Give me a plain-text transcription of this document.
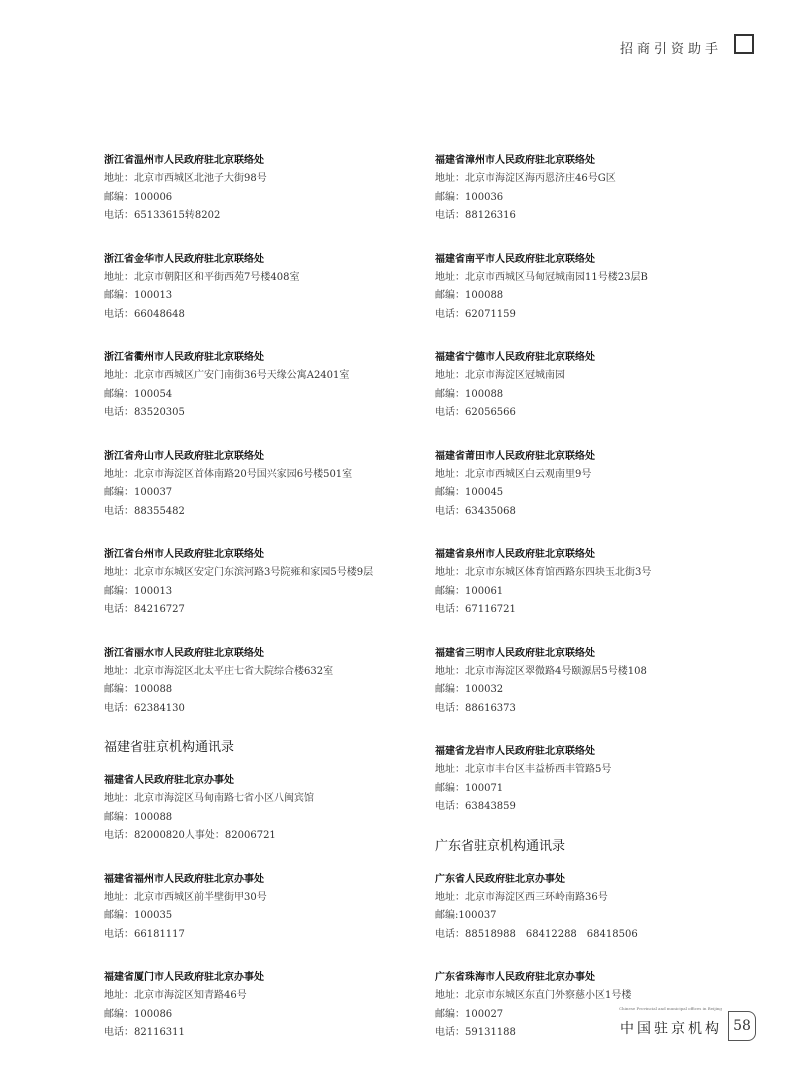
招商引资助手
浙江省温州市人民政府驻北京联络处
地址：北京市西城区北池子大街98号
邮编：100006
电话：65133615转8202
浙江省金华市人民政府驻北京联络处
地址：北京市朝阳区和平街西苑7号楼408室
邮编：100013
电话：66048648
浙江省衢州市人民政府驻北京联络处
地址：北京市西城区广安门南街36号天缘公寓A2401室
邮编：100054
电话：83520305
浙江省舟山市人民政府驻北京联络处
地址：北京市海淀区首体南路20号国兴家园6号楼501室
邮编：100037
电话：88355482
浙江省台州市人民政府驻北京联络处
地址：北京市东城区安定门东滨河路3号院雍和家园5号楼9层
邮编：100013
电话：84216727
浙江省丽水市人民政府驻北京联络处
地址：北京市海淀区北太平庄七省大院综合楼632室
邮编：100088
电话：62384130
福建省驻京机构通讯录
福建省人民政府驻北京办事处
地址：北京市海淀区马甸南路七省小区八闽宾馆
邮编：100088
电话：82000820人事处：82006721
福建省福州市人民政府驻北京办事处
地址：北京市西城区前半壁街甲30号
邮编：100035
电话：66181117
福建省厦门市人民政府驻北京办事处
地址：北京市海淀区知青路46号
邮编：100086
电话：82116311
福建省漳州市人民政府驻北京联络处
地址：北京市海淀区海丙恩济庄46号G区
邮编：100036
电话：88126316
福建省南平市人民政府驻北京联络处
地址：北京市西城区马甸冠城南园11号楼23层B
邮编：100088
电话：62071159
福建省宁德市人民政府驻北京联络处
地址：北京市海淀区冠城南园
邮编：100088
电话：62056566
福建省莆田市人民政府驻北京联络处
地址：北京市西城区白云观南里9号
邮编：100045
电话：63435068
福建省泉州市人民政府驻北京联络处
地址：北京市东城区体育馆西路东四块玉北街3号
邮编：100061
电话：67116721
福建省三明市人民政府驻北京联络处
地址：北京市海淀区翠微路4号颐源居5号楼108
邮编：100032
电话：88616373
福建省龙岩市人民政府驻北京联络处
地址：北京市丰台区丰益桥西丰管路5号
邮编：100071
电话：63843859
广东省驻京机构通讯录
广东省人民政府驻北京办事处
地址：北京市海淀区西三环岭南路36号
邮编:100037
电话：88518988　68412288　68418506
广东省珠海市人民政府驻北京办事处
地址：北京市东城区东直门外察慈小区1号楼
邮编：100027
电话：59131188
Chinese Provincial and municipal offices in Beijing
中国驻京机构 58
